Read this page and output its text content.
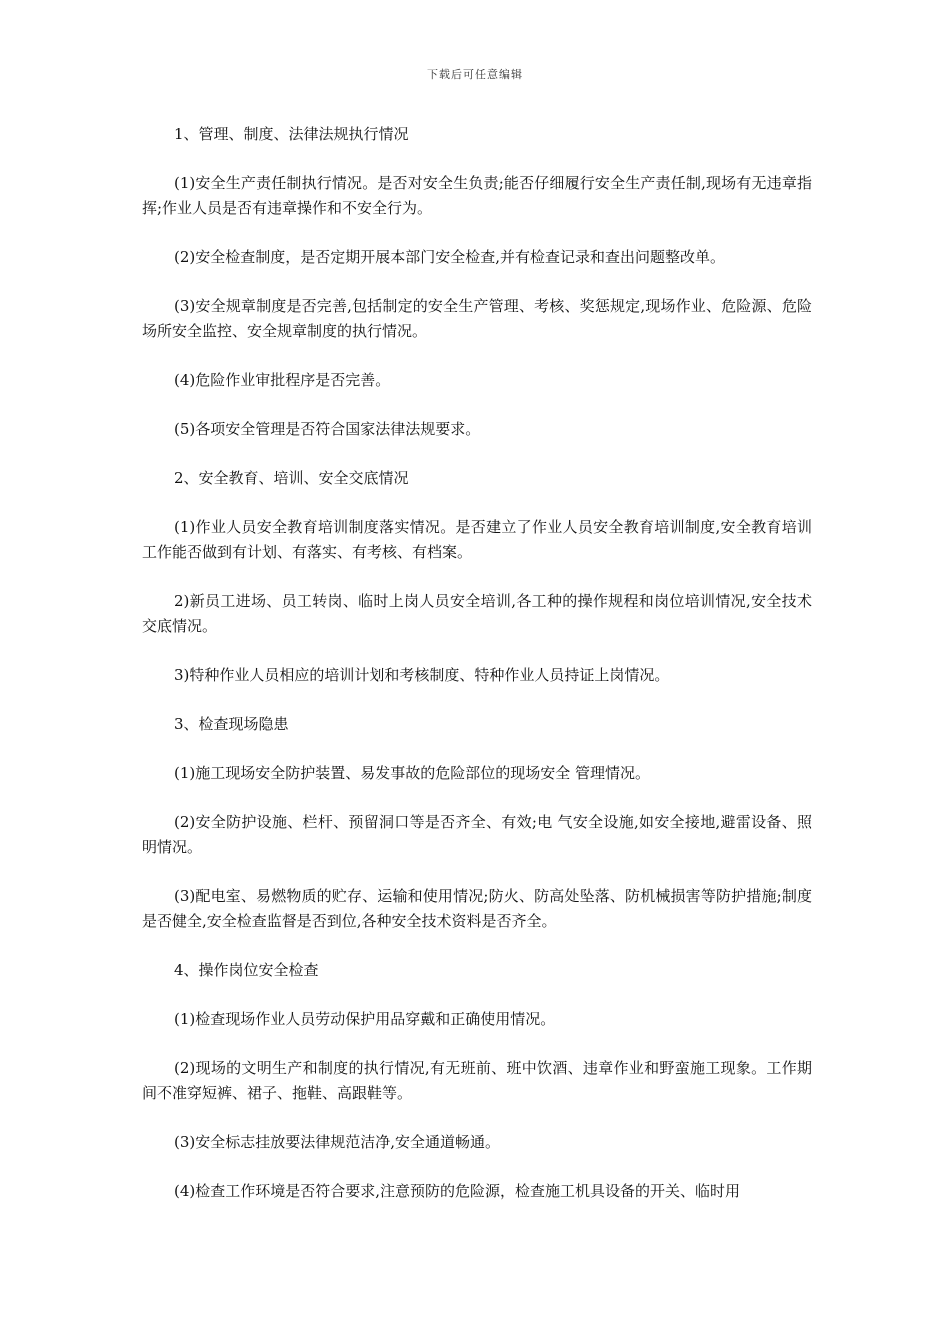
下载后可任意编辑

1、管理、制度、法律法规执行情况

(1)安全生产责任制执行情况。是否对安全生负责;能否仔细履行安全生产责任制,现场有无违章指挥;作业人员是否有违章操作和不安全行为。

(2)安全检查制度，是否定期开展本部门安全检查,并有检查记录和查出问题整改单。

(3)安全规章制度是否完善,包括制定的安全生产管理、考核、奖惩规定,现场作业、危险源、危险场所安全监控、安全规章制度的执行情况。

(4)危险作业审批程序是否完善。

(5)各项安全管理是否符合国家法律法规要求。

2、安全教育、培训、安全交底情况

(1)作业人员安全教育培训制度落实情况。是否建立了作业人员安全教育培训制度,安全教育培训工作能否做到有计划、有落实、有考核、有档案。

2)新员工进场、员工转岗、临时上岗人员安全培训,各工种的操作规程和岗位培训情况,安全技术交底情况。

3)特种作业人员相应的培训计划和考核制度、特种作业人员持证上岗情况。

3、检查现场隐患

(1)施工现场安全防护装置、易发事故的危险部位的现场安全 管理情况。

(2)安全防护设施、栏杆、预留洞口等是否齐全、有效;电 气安全设施,如安全接地,避雷设备、照明情况。

(3)配电室、易燃物质的贮存、运输和使用情况;防火、防高处坠落、防机械损害等防护措施;制度是否健全,安全检查监督是否到位,各种安全技术资料是否齐全。

4、操作岗位安全检查

(1)检查现场作业人员劳动保护用品穿戴和正确使用情况。

(2)现场的文明生产和制度的执行情况,有无班前、班中饮酒、违章作业和野蛮施工现象。工作期间不准穿短裤、裙子、拖鞋、高跟鞋等。

(3)安全标志挂放要法律规范洁净,安全通道畅通。

(4)检查工作环境是否符合要求,注意预防的危险源，检查施工机具设备的开关、临时用
